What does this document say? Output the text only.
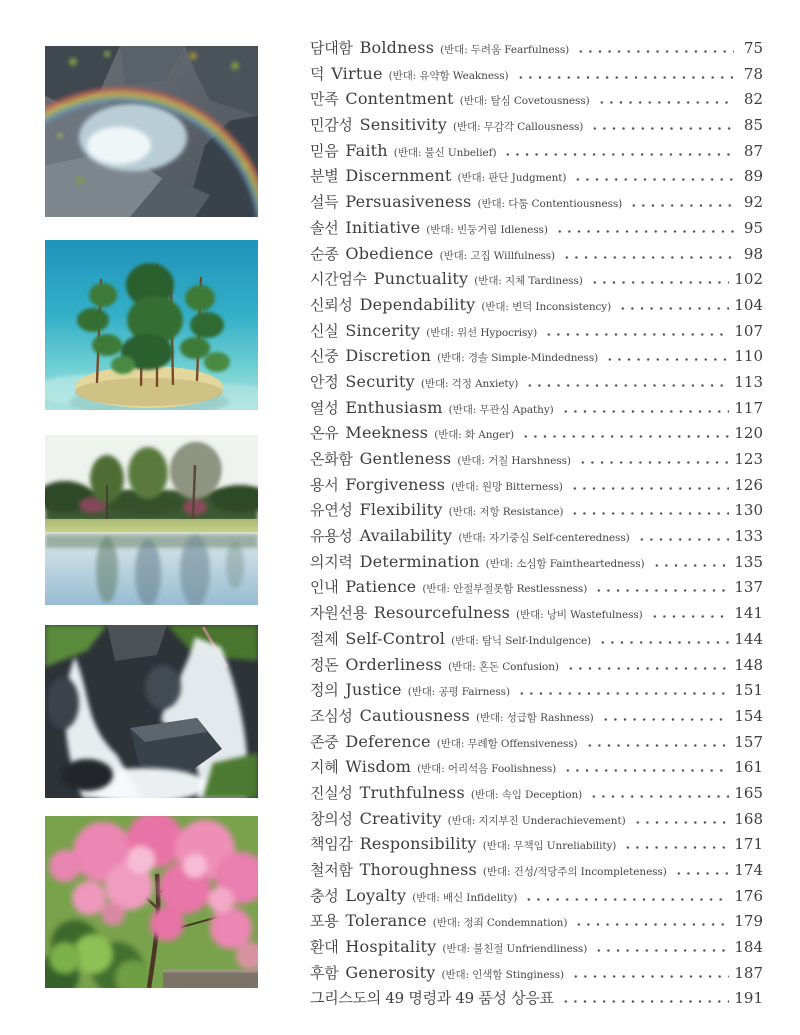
담대함 Boldness (반대: 두려움 Fearfulness)	75
덕 Virtue (반대: 유약함 Weakness)	78
만족 Contentment (반대: 탐심 Covetousness)	82
민감성 Sensitivity (반대: 무감각 Callousness)	85
믿음 Faith (반대: 불신 Unbelief)	87
분별 Discernment (반대: 판단 Judgment)	89
설득 Persuasiveness (반대: 다툼 Contentiousness)	92
솔선 Initiative (반대: 빈둥거림 Idleness)	95
순종 Obedience (반대: 고집 Willfulness)	98
시간엄수 Punctuality (반대: 지체 Tardiness)	102
신뢰성 Dependability (반대: 변덕 Inconsistency)	104
신실 Sincerity (반대: 위선 Hypocrisy)	107
신중 Discretion (반대: 경솔 Simple-Mindedness)	110
안정 Security (반대: 걱정 Anxiety)	113
열성 Enthusiasm (반대: 무관심 Apathy)	117
온유 Meekness (반대: 화 Anger)	120
온화함 Gentleness (반대: 거칠 Harshness)	123
용서 Forgiveness (반대: 원망 Bitterness)	126
유연성 Flexibility (반대: 저항 Resistance)	130
유용성 Availability (반대: 자기중심 Self-centeredness)	133
의지력 Determination (반대: 소심함 Faintheartedness)	135
인내 Patience (반대: 안절부절못함 Restlessness)	137
자원선용 Resourcefulness (반대: 낭비 Wastefulness)	141
절제 Self-Control (반대: 탐닉 Self-Indulgence)	144
정돈 Orderliness (반대: 혼돈 Confusion)	148
정의 Justice (반대: 공평 Fairness)	151
조심성 Cautiousness (반대: 성급함 Rashness)	154
존중 Deference (반대: 무례함 Offensiveness)	157
지혜 Wisdom (반대: 어리석음 Foolishness)	161
진실성 Truthfulness (반대: 속임 Deception)	165
창의성 Creativity (반대: 지지부진 Underachievement)	168
책임감 Responsibility (반대: 무책임 Unreliability)	171
철저함 Thoroughness (반대: 건성/적당주의 Incompleteness)	174
충성 Loyalty (반대: 배신 Infidelity)	176
포용 Tolerance (반대: 정죄 Condemnation)	179
환대 Hospitality (반대: 불친절 Unfriendliness)	184
후함 Generosity (반대: 인색함 Stinginess)	187
그리스도의 49 명령과 49 품성 상응표	191
